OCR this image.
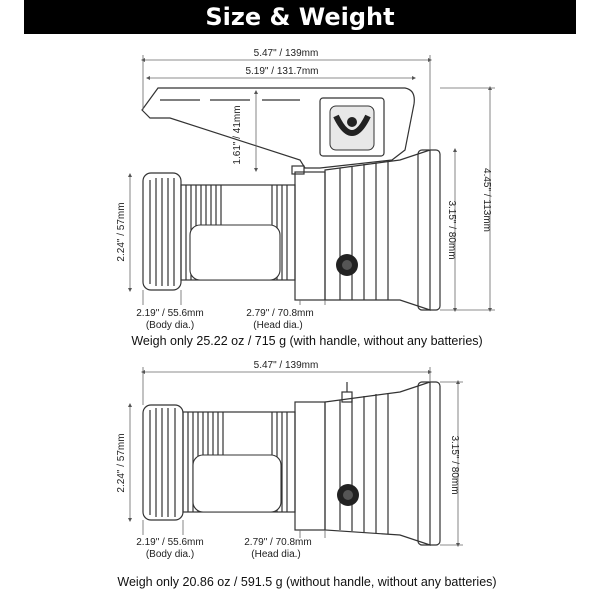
Size & Weight
5.47" / 139mm
5.19" / 131.7mm
1.61" / 41mm
4.45" / 113mm
3.15" / 80mm
2.24" / 57mm
2.19" / 55.6mm
(Body dia.)
2.79" / 70.8mm
(Head dia.)
Weigh only 25.22 oz / 715 g (with handle, without any batteries)
5.47" / 139mm
3.15" / 80mm
2.24" / 57mm
2.19" / 55.6mm
(Body dia.)
2.79" / 70.8mm
(Head dia.)
Weigh only 20.86 oz / 591.5 g (without handle, without any batteries)
